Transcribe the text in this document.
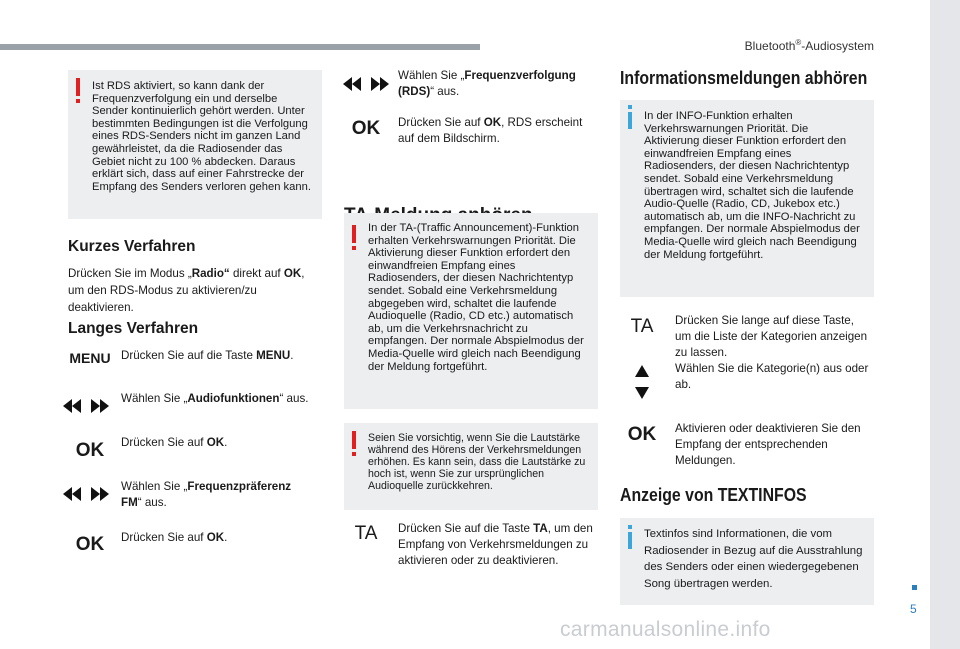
Bluetooth®-Audiosystem
Ist RDS aktiviert, so kann dank der Frequenzverfolgung ein und derselbe Sender kontinuierlich gehört werden. Unter bestimmten Bedingungen ist die Verfolgung eines RDS-Senders nicht im ganzen Land gewährleistet, da die Radiosender das Gebiet nicht zu 100 % abdecken. Daraus erklärt sich, dass auf einer Fahrstrecke der Empfang des Senders verloren gehen kann.
Kurzes Verfahren
Drücken Sie im Modus „Radio“ direkt auf OK, um den RDS-Modus zu aktivieren/zu deaktivieren.
Langes Verfahren
MENU Drücken Sie auf die Taste MENU.
Wählen Sie „Audiofunktionen“ aus.
OK	Drücken Sie auf OK.
Wählen Sie „Frequenzpräferenz FM“ aus.
OK	Drücken Sie auf OK.
Wählen Sie „Frequenzverfolgung (RDS)“ aus.
OK	Drücken Sie auf OK, RDS erscheint auf dem Bildschirm.
In der TA-(Traffic Announcement)-Funktion erhalten Verkehrswarnungen Priorität. Die Aktivierung dieser Funktion erfordert den einwandfreien Empfang eines Radiosenders, der diesen Nachrichtentyp sendet. Sobald eine Verkehrsmeldung abgegeben wird, schaltet die laufende Audioquelle (Radio, CD etc.) automatisch ab, um die Verkehrsnachricht zu empfangen. Der normale Abspielmodus der Media-Quelle wird gleich nach Beendigung der Meldung fortgeführt.
Seien Sie vorsichtig, wenn Sie die Lautstärke während des Hörens der Verkehrsmeldungen erhöhen. Es kann sein, dass die Lautstärke zu hoch ist, wenn Sie zur ursprünglichen Audioquelle zurückkehren.
TA	Drücken Sie auf die Taste TA, um den Empfang von Verkehrsmeldungen zu aktivieren oder zu deaktivieren.
Informationsmeldungen abhören
In der INFO-Funktion erhalten Verkehrswarnungen Priorität. Die Aktivierung dieser Funktion erfordert den einwandfreien Empfang eines Radiosenders, der diesen Nachrichtentyp sendet. Sobald eine Verkehrsmeldung übertragen wird, schaltet sich die laufende Audio-Quelle (Radio, CD, Jukebox etc.) automatisch ab, um die INFO-Nachricht zu empfangen. Der normale Abspielmodus der Media-Quelle wird gleich nach Beendigung der Meldung fortgeführt.
TA	Drücken Sie lange auf diese Taste, um die Liste der Kategorien anzeigen zu lassen.
Wählen Sie die Kategorie(n) aus oder ab.
OK	Aktivieren oder deaktivieren Sie den Empfang der entsprechenden Meldungen.
Anzeige von TEXTINFOS
Textinfos sind Informationen, die vom Radiosender in Bezug auf die Ausstrahlung des Senders oder einen wiedergegebenen Song übertragen werden.
5
carmanualsonline.info
